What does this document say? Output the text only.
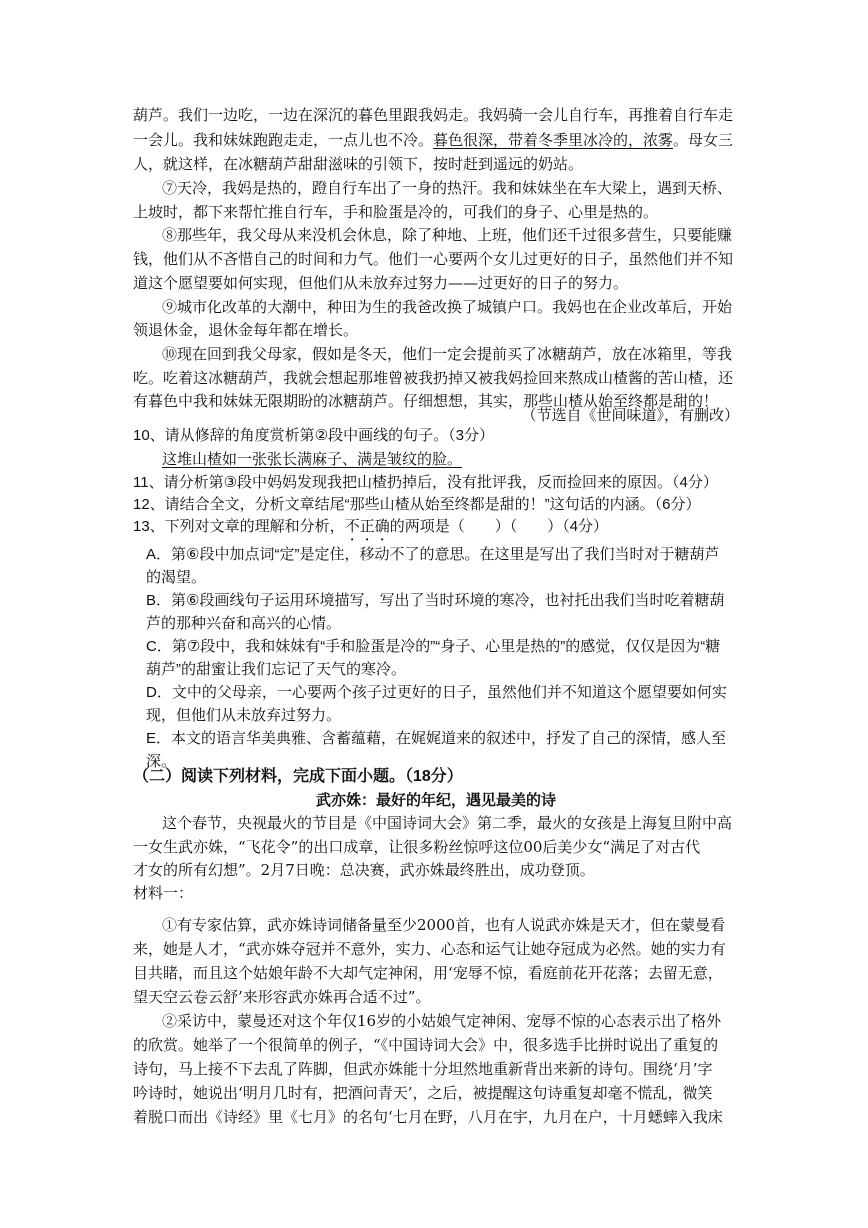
葫芦。我们一边吃，一边在深沉的暮色里跟我妈走。我妈骑一会儿自行车，再推着自行车走
一会儿。我和妹妹跑跑走走，一点儿也不冷。暮色很深，带着冬季里冰冷的，浓雾。母女三
人，就这样，在冰糖葫芦甜甜滋味的引领下，按时赶到遥远的奶站。
⑦天冷，我妈是热的，蹬自行车出了一身的热汗。我和妹妹坐在车大梁上，遇到天桥、
上坡时，都下来帮忙推自行车，手和脸蛋是冷的，可我们的身子、心里是热的。
⑧那些年，我父母从来没机会休息，除了种地、上班，他们还千过很多营生，只要能赚
钱，他们从不吝惜自己的时间和力气。他们一心要两个女儿过更好的日子，虽然他们并不知
道这个愿望要如何实现，但他们从未放弃过努力——过更好的日子的努力。
⑨城市化改革的大潮中，种田为生的我爸改换了城镇户口。我妈也在企业改革后，开始
领退休金，退休金每年都在增长。
⑩现在回到我父母家，假如是冬天，他们一定会提前买了冰糖葫芦，放在冰箱里，等我
吃。吃着这冰糖葫芦，我就会想起那堆曾被我扔掉又被我妈捡回来熬成山楂酱的苦山楂，还
有暮色中我和妹妹无限期盼的冰糖葫芦。仔细想想，其实，那些山楂从始至终都是甜的！
（节选自《世间味道》，有删改）
10、请从修辞的角度赏析第②段中画线的句子。（3分）
这堆山楂如一张张长满麻子、满是皱纹的脸。
11、请分析第③段中妈妈发现我把山楂扔掉后，没有批评我，反而捡回来的原因。（4分）
12、请结合全文，分析文章结尾“那些山楂从始至终都是甜的！”这句话的内涵。（6分）
13、下列对文章的理解和分析，不正确的两项是（　　）（　　）（4分）
A．第⑥段中加点词“定”是定住，移动不了的意思。在这里是写出了我们当时对于糖葫芦
的渴望。
B．第⑥段画线句子运用环境描写，写出了当时环境的寒冷，也衬托出我们当时吃着糖葫
芦的那种兴奋和高兴的心情。
C．第⑦段中，我和妹妹有“手和脸蛋是冷的”“身子、心里是热的”的感觉，仅仅是因为“糖
葫芦”的甜蜜让我们忘记了天气的寒冷。
D．文中的父母亲，一心要两个孩子过更好的日子，虽然他们并不知道这个愿望要如何实
现，但他们从未放弃过努力。
E．本文的语言华美典雅、含蓄蕴藉，在娓娓道来的叙述中，抒发了自己的深情，感人至
深。
（二）阅读下列材料，完成下面小题。（18分）
武亦姝：最好的年纪，遇见最美的诗
这个春节，央视最火的节目是《中国诗词大会》第二季，最火的女孩是上海复旦附中高
一女生武亦姝，“飞花令”的出口成章，让很多粉丝惊呼这位00后美少女“满足了对古代
才女的所有幻想”。2月7日晚：总决赛，武亦姝最终胜出，成功登顶。
材料一：
①有专家估算，武亦姝诗词储备量至少2000首，也有人说武亦姝是天才，但在蒙曼看
来，她是人才，“武亦姝夺冠并不意外，实力、心态和运气让她夺冠成为必然。她的实力有
目共睹，而且这个姑娘年龄不大却气定神闲，用‘宠辱不惊，看庭前花开花落；去留无意，
望天空云卷云舒’来形容武亦姝再合适不过”。
②采访中，蒙曼还对这个年仅16岁的小姑娘气定神闲、宠辱不惊的心态表示出了格外
的欣赏。她举了一个很简单的例子，“《中国诗词大会》中，很多选手比拼时说出了重复的
诗句，马上接不下去乱了阵脚，但武亦姝能十分坦然地重新背出来新的诗句。围绕‘月’字
吟诗时，她说出‘明月几时有，把酒问青天’，之后，被提醒这句诗重复却毫不慌乱，微笑
着脱口而出《诗经》里《七月》的名句‘七月在野，八月在宇，九月在户，十月蟋蟀入我床
